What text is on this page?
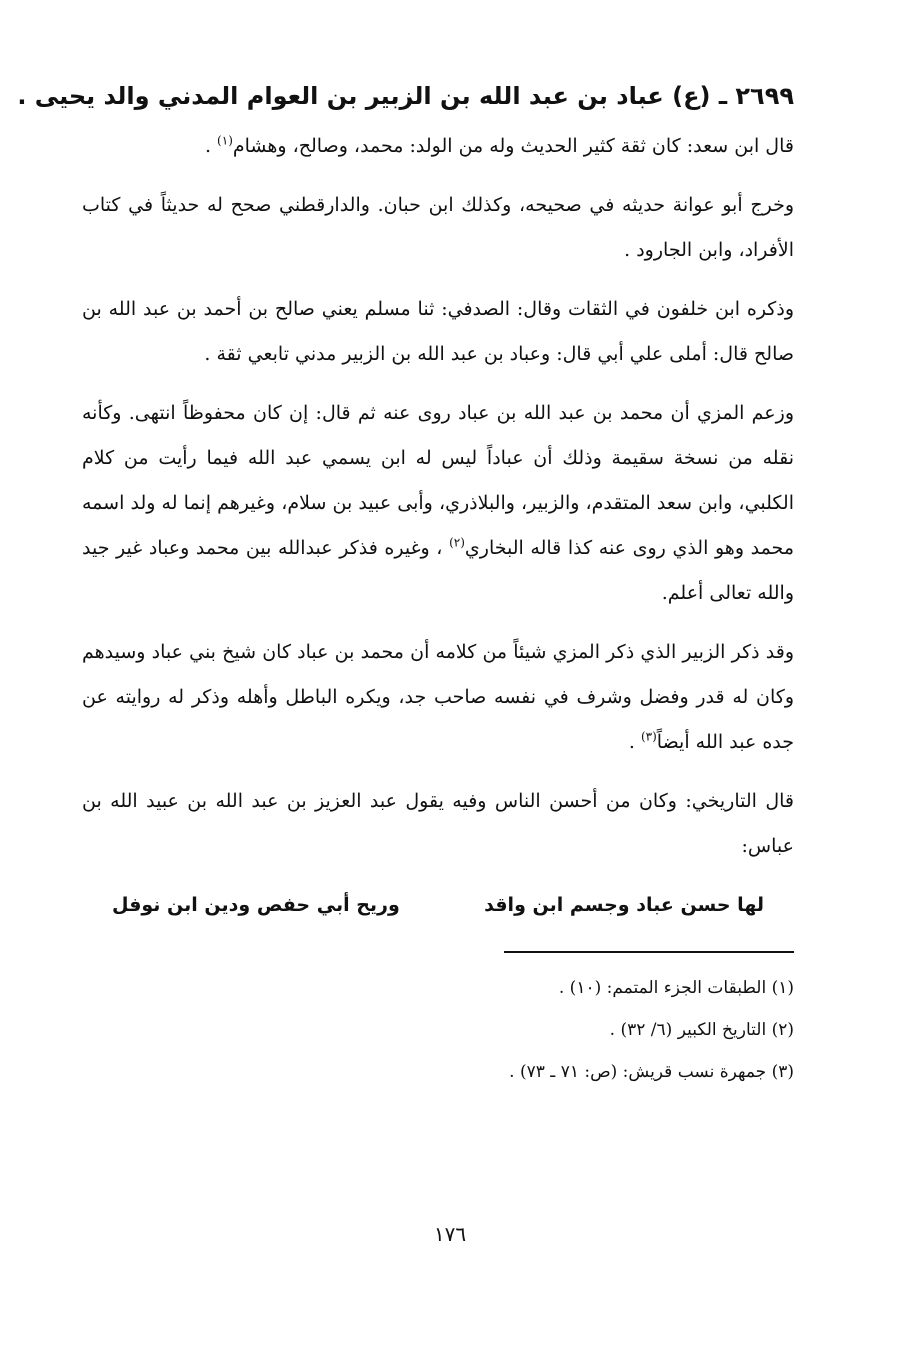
٢٦٩٩ ـ (ع) عباد بن عبد الله بن الزبير بن العوام المدني والد يحيى .

قال ابن سعد: كان ثقة كثير الحديث وله من الولد: محمد، وصالح، وهشام$^{(١)}$ .

وخرج أبو عوانة حديثه في صحيحه، وكذلك ابن حبان. والدارقطني صحح له حديثاً في كتاب الأفراد، وابن الجارود .

وذكره ابن خلفون في الثقات وقال: الصدفي: ثنا مسلم يعني صالح بن أحمد بن عبد الله بن صالح قال: أملى علي أبي قال: وعباد بن عبد الله بن الزبير مدني تابعي ثقة .

وزعم المزي أن محمد بن عبد الله بن عباد روى عنه ثم قال: إن كان محفوظاً انتهى. وكأنه نقله من نسخة سقيمة وذلك أن عباداً ليس له ابن يسمي عبد الله فيما رأيت من كلام الكلبي، وابن سعد المتقدم، والزبير، والبلاذري، وأبى عبيد بن سلام، وغيرهم إنما له ولد اسمه محمد وهو الذي روى عنه كذا قاله البخاري$^{(٢)}$ ، وغيره فذكر عبدالله بين محمد وعباد غير جيد والله تعالى أعلم.

وقد ذكر الزبير الذي ذكر المزي شيئاً من كلامه أن محمد بن عباد كان شيخ بني عباد وسيدهم وكان له قدر وفضل وشرف في نفسه صاحب جد، ويكره الباطل وأهله وذكر له روايته عن جده عبد الله أيضاً$^{(٣)}$ .

قال التاريخي: وكان من أحسن الناس وفيه يقول عبد العزيز بن عبد الله بن عبيد الله بن عباس:

لها حسن عباد وجسم ابن واقد
وريح أبي حفص ودين ابن نوفل

(١) الطبقات الجزء المتمم: (١٠) .

(٢) التاريخ الكبير (٦/ ٣٢) .

(٣) جمهرة نسب قريش: (ص: ٧١ ـ ٧٣) .

١٧٦
